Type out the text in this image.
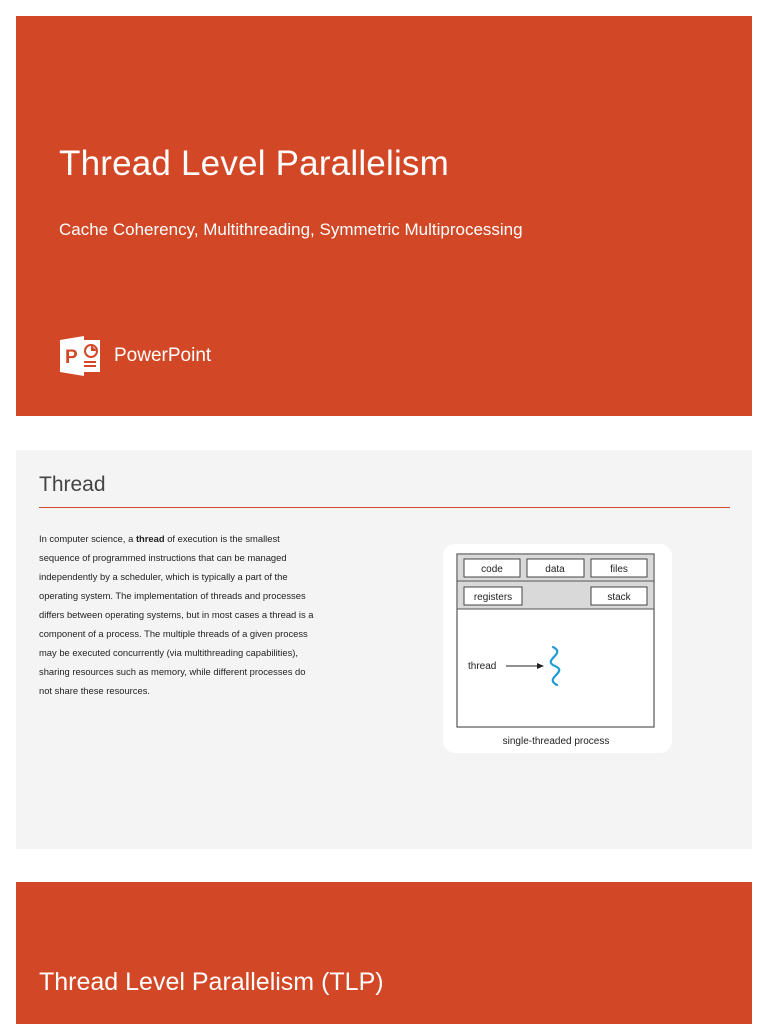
Thread Level Parallelism
Cache Coherency, Multithreading, Symmetric Multiprocessing
P PowerPoint
Thread

In computer science, a thread of execution is the smallest sequence of programmed instructions that can be managed independently by a scheduler, which is typically a part of the operating system. The implementation of threads and processes differs between operating systems, but in most cases a thread is a component of a process. The multiple threads of a given process may be executed concurrently (via multithreading capabilities), sharing resources such as memory, while different processes do not share these resources.

code	data	files
registers	stack
thread
single-threaded process
Thread Level Parallelism (TLP)
